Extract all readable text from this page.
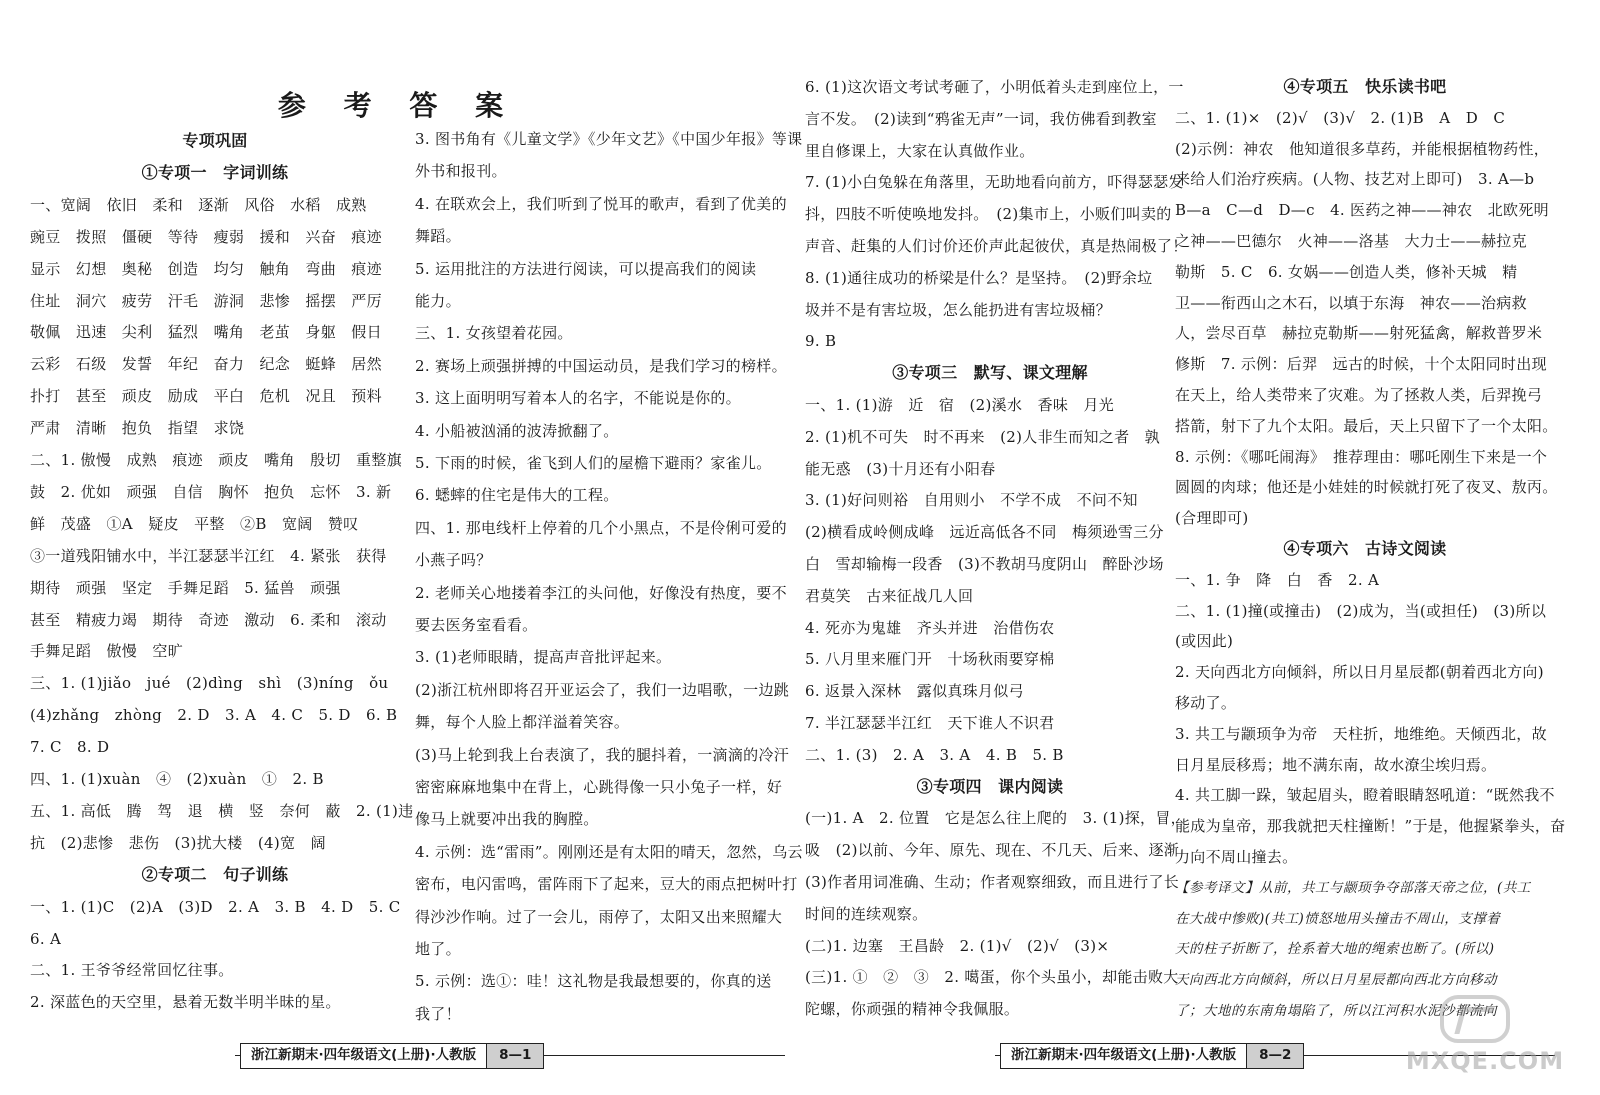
参 考 答 案
专项巩固
①专项一　字词训练
一、宽阔　依旧　柔和　逐渐　风俗　水稻　成熟
豌豆　拨照　僵硬　等待　瘦弱　援和　兴奋　痕迹
显示　幻想　奥秘　创造　均匀　触角　弯曲　痕迹
住址　洞穴　疲劳　汗毛　游洞　悲惨　摇摆　严厉
敬佩　迅速　尖利　猛烈　嘴角　老茧　身躯　假日
云彩　石级　发誓　年纪　奋力　纪念　蜓蜂　居然
扑打　甚至　顽皮　励成　平白　危机　况且　预料
严肃　清晰　抱负　指望　求饶
二、1. 傲慢　成熟　痕迹　顽皮　嘴角　殷切　重整旗
鼓　2. 优如　顽强　自信　胸怀　抱负　忘怀　3. 新
鲜　茂盛　①A　疑皮　平整　②B　宽阔　赞叹
③一道残阳铺水中，半江瑟瑟半江红　4. 紧张　获得
期待　顽强　坚定　手舞足蹈　5. 猛兽　顽强
甚至　精疲力竭　期待　奇迹　激动　6. 柔和　滚动
手舞足蹈　傲慢　空旷
三、1. (1)jiǎo　jué　(2)dìng　shì　(3)níng　ǒu
(4)zhǎng　zhòng　2. D　3. A　4. C　5. D　6. B
7. C　8. D
四、1. (1)xuàn　④　(2)xuàn　①　2. B
五、1. 高低　腾　驾　退　横　竖　奈何　蔽　2. (1)违
抗　(2)悲惨　悲伤　(3)扰大楼　(4)宽　阔
②专项二　句子训练
一、1. (1)C　(2)A　(3)D　2. A　3. B　4. D　5. C
6. A
二、1. 王爷爷经常回忆往事。
2. 深蓝色的天空里，悬着无数半明半昧的星。
3. 图书角有《儿童文学》《少年文艺》《中国少年报》等课
外书和报刊。
4. 在联欢会上，我们听到了悦耳的歌声，看到了优美的
舞蹈。
5. 运用批注的方法进行阅读，可以提高我们的阅读
能力。
三、1. 女孩望着花园。
2. 赛场上顽强拼搏的中国运动员，是我们学习的榜样。
3. 这上面明明写着本人的名字，不能说是你的。
4. 小船被汹涌的波涛掀翻了。
5. 下雨的时候，雀飞到人们的屋檐下避雨？家雀儿。
6. 蟋蟀的住宅是伟大的工程。
四、1. 那电线杆上停着的几个小黑点，不是伶俐可爱的
小燕子吗？
2. 老师关心地搂着李江的头问他，好像没有热度，要不
要去医务室看看。
3. (1)老师眼睛，提高声音批评起来。
(2)浙江杭州即将召开亚运会了，我们一边唱歌，一边跳
舞，每个人脸上都洋溢着笑容。
(3)马上轮到我上台表演了，我的腿抖着，一滴滴的冷汗
密密麻麻地集中在背上，心跳得像一只小兔子一样，好
像马上就要冲出我的胸膛。
4. 示例：选“雷雨”。刚刚还是有太阳的晴天，忽然，乌云
密布，电闪雷鸣，雷阵雨下了起来，豆大的雨点把树叶打
得沙沙作响。过了一会儿，雨停了，太阳又出来照耀大
地了。
5. 示例：选①：哇！这礼物是我最想要的，你真的送
我了！
浙江新期末·四年级语文(上册)·人教版	8—1
6. (1)这次语文考试考砸了，小明低着头走到座位上，一
言不发。　(2)读到“鸦雀无声”一词，我仿佛看到教室
里自修课上，大家在认真做作业。
7. (1)小白兔躲在角落里，无助地看向前方，吓得瑟瑟发
抖，四肢不听使唤地发抖。　(2)集市上，小贩们叫卖的
声音、赶集的人们讨价还价声此起彼伏，真是热闹极了！
8. (1)通往成功的桥梁是什么？是坚持。　(2)野余垃
圾并不是有害垃圾，怎么能扔进有害垃圾桶？
9. B
③专项三　默写、课文理解
一、1. (1)游　近　宿　(2)溪水　香味　月光
2. (1)机不可失　时不再来　(2)人非生而知之者　孰
能无惑　(3)十月还有小阳春
3. (1)好问则裕　自用则小　不学不成　不问不知
(2)横看成岭侧成峰　远近高低各不同　梅须逊雪三分
白　雪却输梅一段香　(3)不教胡马度阴山　醉卧沙场
君莫笑　古来征战几人回
4. 死亦为鬼雄　齐头并进　治借伤农
5. 八月里来雁门开　十场秋雨要穿棉
6. 返景入深林　露似真珠月似弓
7. 半江瑟瑟半江红　天下谁人不识君
二、1. (3)　2. A　3. A　4. B　5. B
③专项四　课内阅读
(一)1. A　2. 位置　它是怎么往上爬的　3. (1)探，冒，
吸　(2)以前、今年、原先、现在、不几天、后来、逐渐
(3)作者用词准确、生动；作者观察细致，而且进行了长
时间的连续观察。
(二)1. 边塞　王昌龄　2. (1)√　(2)√　(3)×
(三)1. ①　②　③　2. 噶蛋，你个头虽小，却能击败大
陀螺，你顽强的精神令我佩服。
④专项五　快乐读书吧
二、1. (1)×　(2)√　(3)√　2. (1)B　A　D　C
(2)示例：神农　他知道很多草药，并能根据植物药性，
来给人们治疗疾病。(人物、技艺对上即可)　3. A—b
B—a　C—d　D—c　4. 医药之神——神农　北欧死明
之神——巴德尔　火神——洛基　大力士——赫拉克
勒斯　5. C　6. 女娲——创造人类，修补天城　精
卫——衔西山之木石，以填于东海　神农——治病救
人，尝尽百草　赫拉克勒斯——射死猛禽，解救普罗米
修斯　7. 示例：后羿　远古的时候，十个太阳同时出现
在天上，给人类带来了灾难。为了拯救人类，后羿挽弓
搭箭，射下了九个太阳。最后，天上只留下了一个太阳。
8. 示例：《哪吒闹海》　推荐理由：哪吒刚生下来是一个
圆圆的肉球；他还是小娃娃的时候就打死了夜叉、敖丙。
(合理即可)
④专项六　古诗文阅读
一、1. 争　降　白　香　2. A
二、1. (1)撞(或撞击)　(2)成为，当(或担任)　(3)所以
(或因此)
2. 天向西北方向倾斜，所以日月星辰都(朝着西北方向)
移动了。
3. 共工与颛顼争为帝　天柱折，地维绝。天倾西北，故
日月星辰移焉；地不满东南，故水潦尘埃归焉。
4. 共工脚一跺，皱起眉头，瞪着眼睛怒吼道：“既然我不
能成为皇帝，那我就把天柱撞断！”于是，他握紧拳头，奋
力向不周山撞去。
【参考译文】从前，共工与颛顼争夺部落天帝之位，(共工
在大战中惨败)(共工)愤怒地用头撞击不周山，支撑着
天的柱子折断了，拴系着大地的绳索也断了。(所以)
天向西北方向倾斜，所以日月星辰都向西北方向移动
了；大地的东南角塌陷了，所以江河积水泥沙都流向
浙江新期末·四年级语文(上册)·人教版	8—2	MXQE.COM
